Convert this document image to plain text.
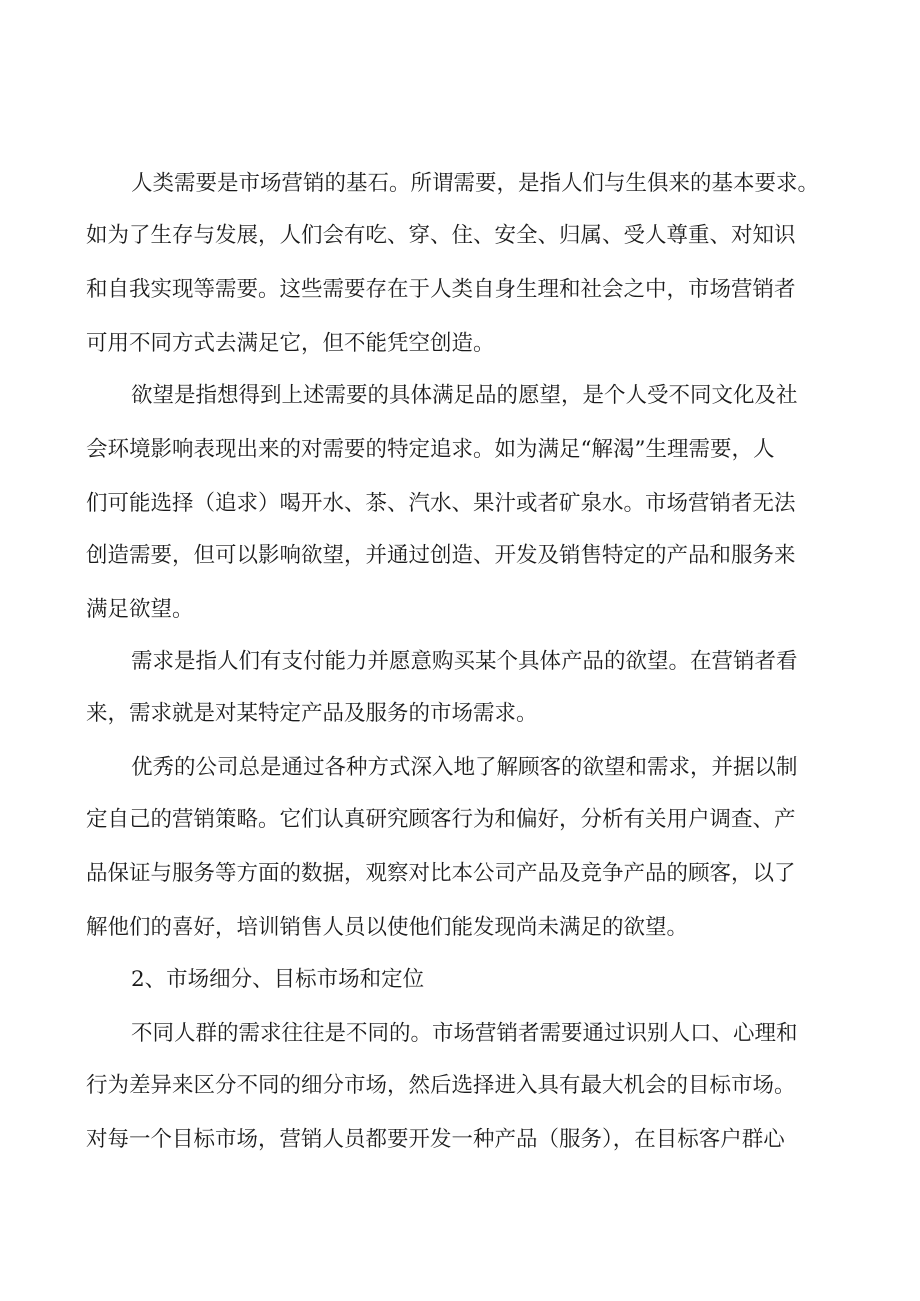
人类需要是市场营销的基石。所谓需要，是指人们与生俱来的基本要求。
如为了生存与发展，人们会有吃、穿、住、安全、归属、受人尊重、对知识
和自我实现等需要。这些需要存在于人类自身生理和社会之中，市场营销者
可用不同方式去满足它，但不能凭空创造。
欲望是指想得到上述需要的具体满足品的愿望，是个人受不同文化及社
会环境影响表现出来的对需要的特定追求。如为满足“解渴”生理需要，人
们可能选择（追求）喝开水、茶、汽水、果汁或者矿泉水。市场营销者无法
创造需要，但可以影响欲望，并通过创造、开发及销售特定的产品和服务来
满足欲望。
需求是指人们有支付能力并愿意购买某个具体产品的欲望。在营销者看
来，需求就是对某特定产品及服务的市场需求。
优秀的公司总是通过各种方式深入地了解顾客的欲望和需求，并据以制
定自己的营销策略。它们认真研究顾客行为和偏好，分析有关用户调查、产
品保证与服务等方面的数据，观察对比本公司产品及竞争产品的顾客，以了
解他们的喜好，培训销售人员以使他们能发现尚未满足的欲望。
2、市场细分、目标市场和定位
不同人群的需求往往是不同的。市场营销者需要通过识别人口、心理和
行为差异来区分不同的细分市场，然后选择进入具有最大机会的目标市场。
对每一个目标市场，营销人员都要开发一种产品（服务），在目标客户群心
